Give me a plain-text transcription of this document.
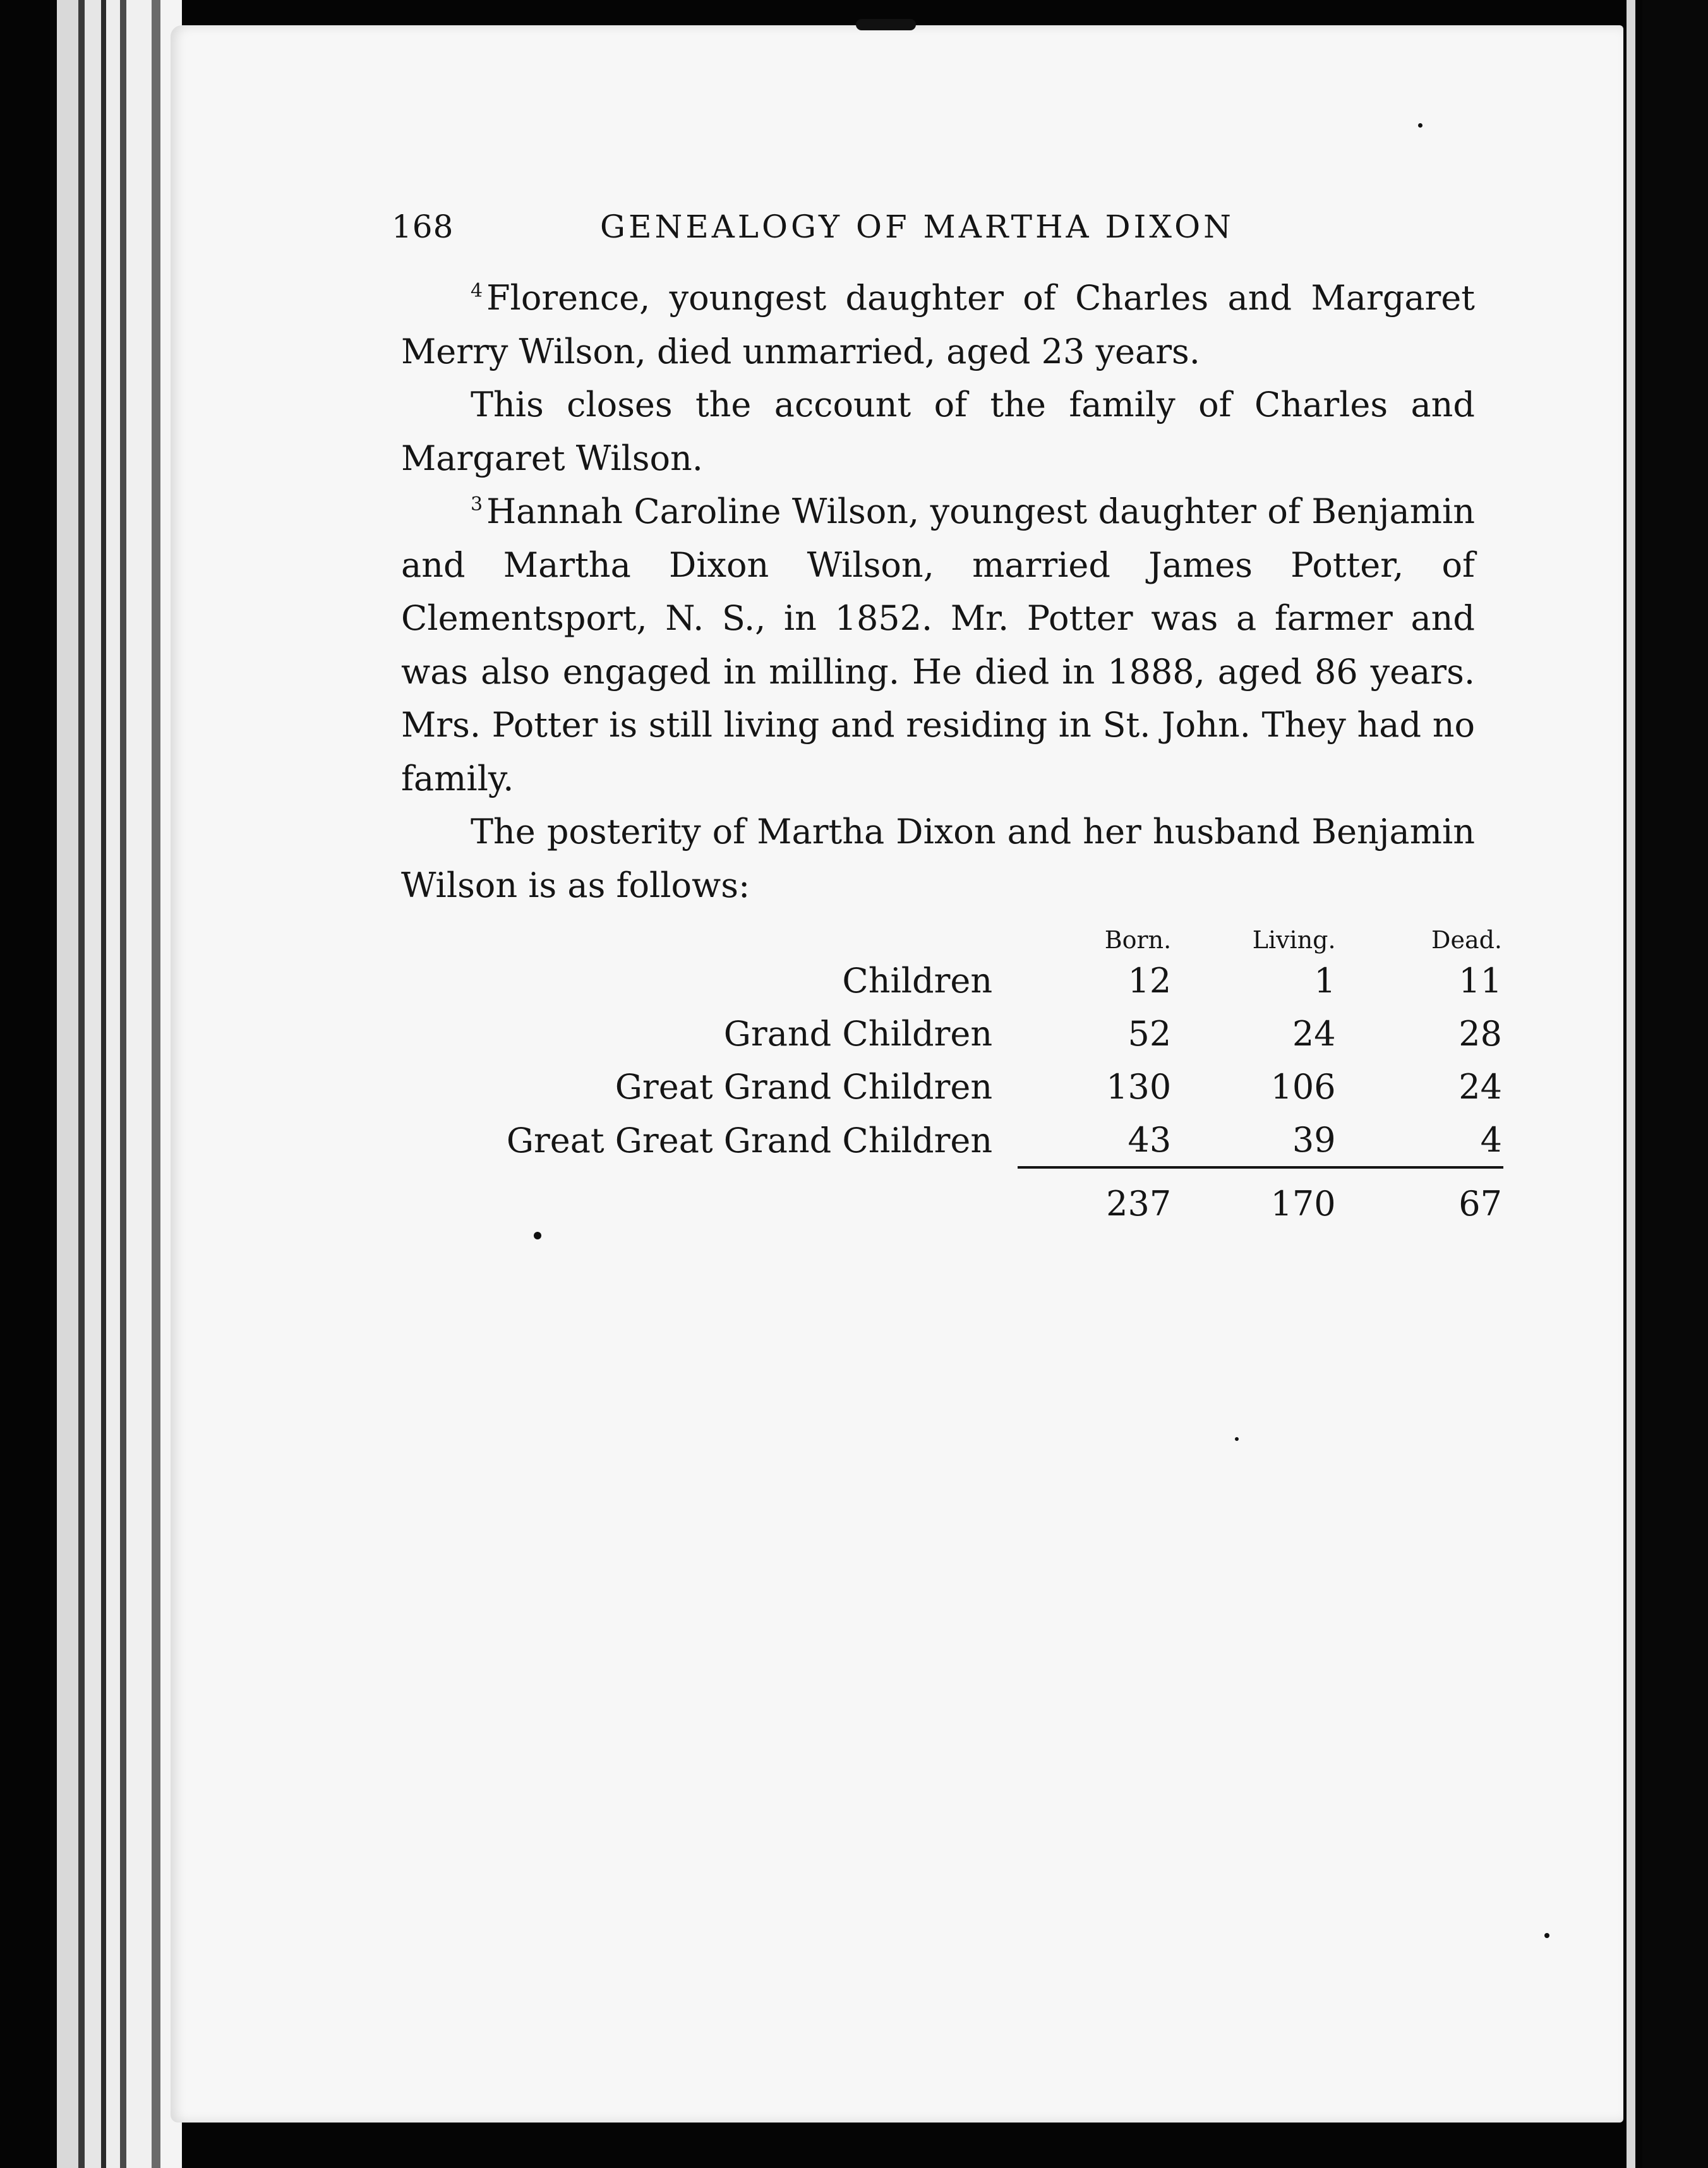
168	GENEALOGY OF MARTHA DIXON

$^4$ Florence, youngest daughter of Charles and Margaret Merry Wilson, died unmarried, aged 23 years.

This closes the account of the family of Charles and Margaret Wilson.

$^3$ Hannah Caroline Wilson, youngest daughter of Benjamin and Martha Dixon Wilson, married James Potter, of Clementsport, N. S., in 1852. Mr. Potter was a farmer and was also engaged in milling. He died in 1888, aged 86 years. Mrs. Potter is still living and residing in St. John. They had no family.

The posterity of Martha Dixon and her husband Benjamin Wilson is as follows:

	Born.	Living.	Dead.
Children	12	1	11
Grand Children	52	24	28
Great Grand Children	130	106	24
Great Great Grand Children	43	39	4
	237	170	67
